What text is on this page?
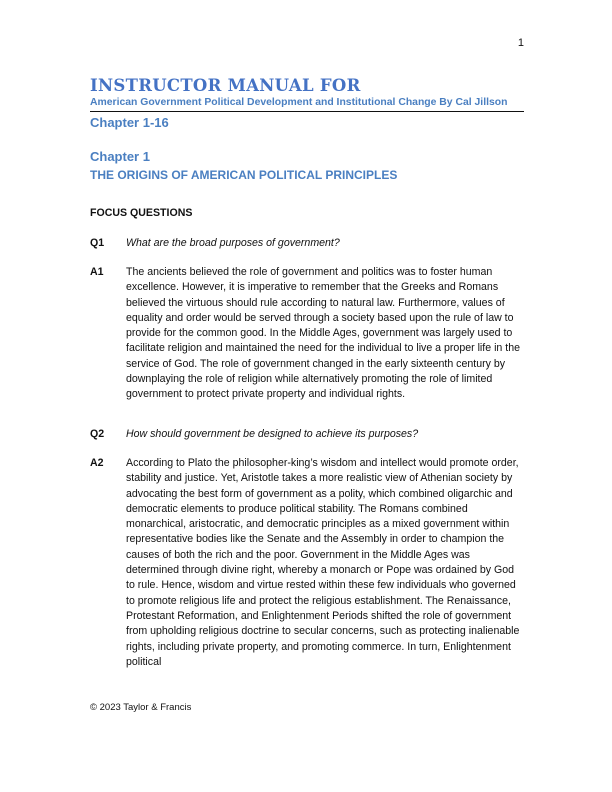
1
INSTRUCTOR MANUAL FOR
American Government Political Development and Institutional Change By Cal Jillson
Chapter 1-16
Chapter 1
THE ORIGINS OF AMERICAN POLITICAL PRINCIPLES
FOCUS QUESTIONS
Q1 What are the broad purposes of government?
A1 The ancients believed the role of government and politics was to foster human excellence. However, it is imperative to remember that the Greeks and Romans believed the virtuous should rule according to natural law. Furthermore, values of equality and order would be served through a society based upon the rule of law to provide for the common good. In the Middle Ages, government was largely used to facilitate religion and maintained the need for the individual to live a proper life in the service of God. The role of government changed in the early sixteenth century by downplaying the role of religion while alternatively promoting the role of limited government to protect private property and individual rights.
Q2 How should government be designed to achieve its purposes?
A2 According to Plato the philosopher-king’s wisdom and intellect would promote order, stability and justice. Yet, Aristotle takes a more realistic view of Athenian society by advocating the best form of government as a polity, which combined oligarchic and democratic elements to produce political stability. The Romans combined monarchical, aristocratic, and democratic principles as a mixed government within representative bodies like the Senate and the Assembly in order to champion the causes of both the rich and the poor. Government in the Middle Ages was determined through divine right, whereby a monarch or Pope was ordained by God to rule. Hence, wisdom and virtue rested within these few individuals who governed to promote religious life and protect the religious establishment. The Renaissance, Protestant Reformation, and Enlightenment Periods shifted the role of government from upholding religious doctrine to secular concerns, such as protecting inalienable rights, including private property, and promoting commerce. In turn, Enlightenment political
© 2023 Taylor & Francis
